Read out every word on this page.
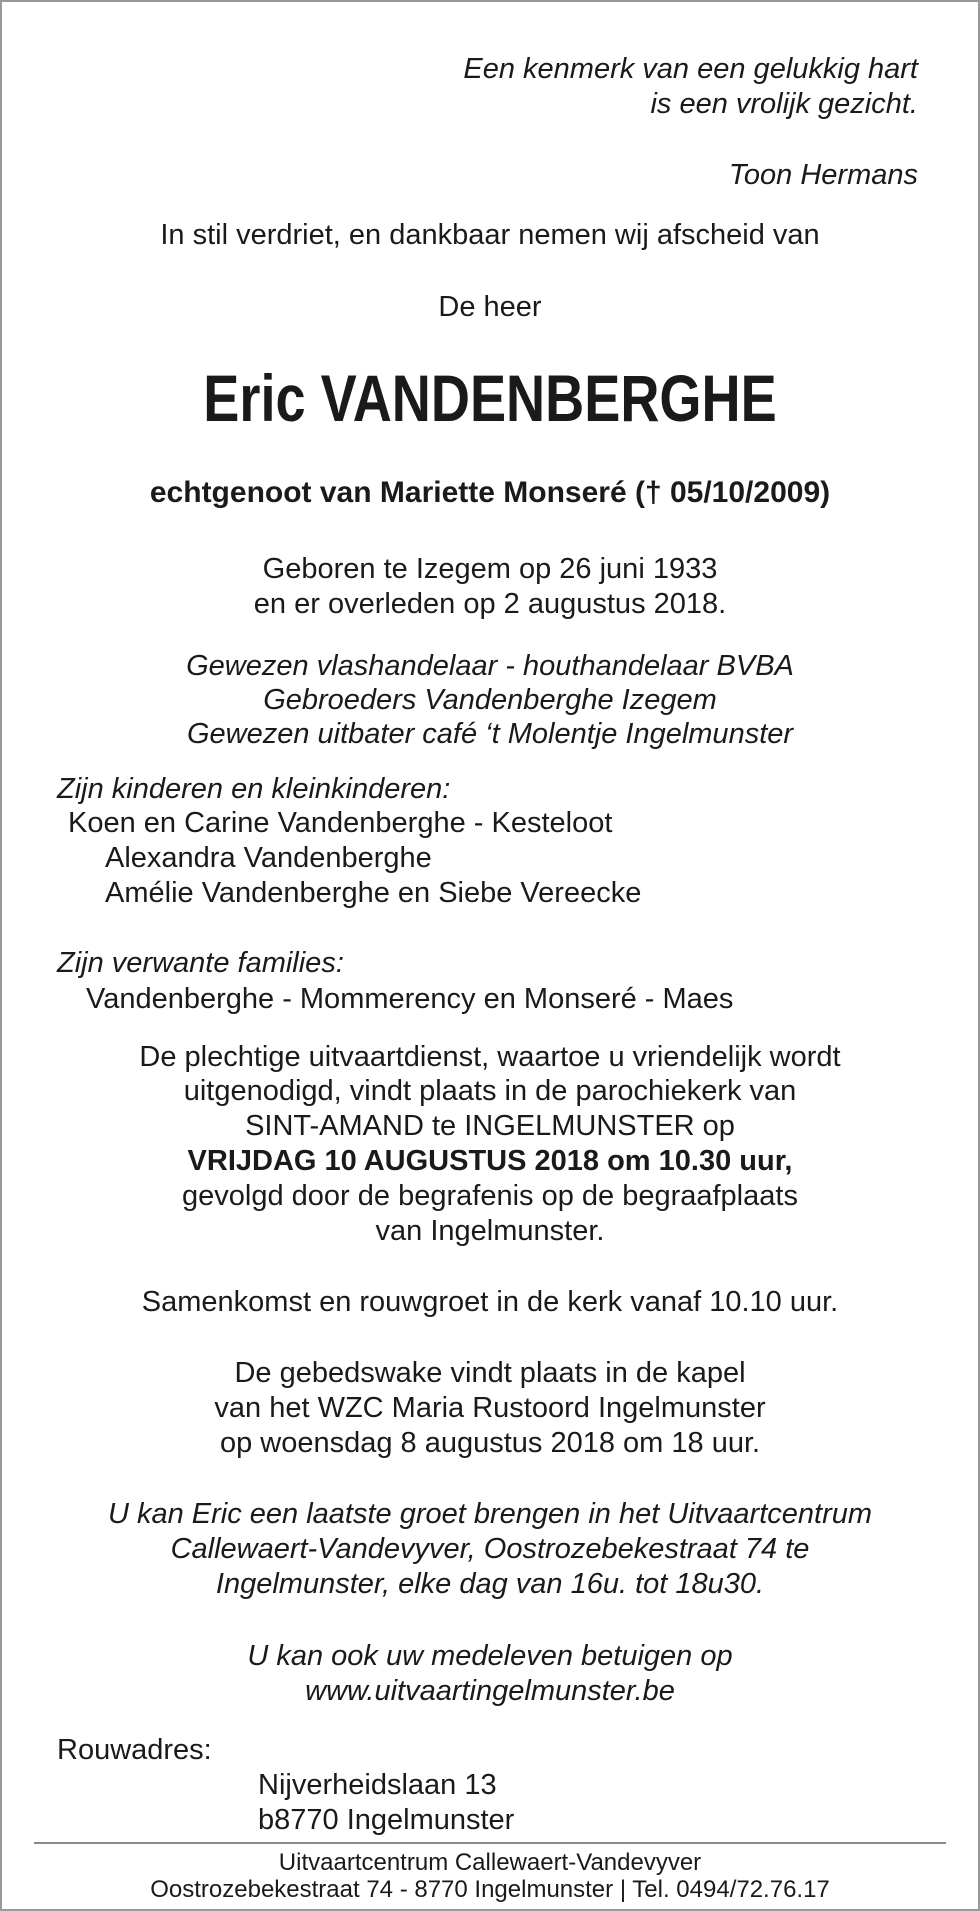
Een kenmerk van een gelukkig hart
is een vrolijk gezicht.
Toon Hermans
In stil verdriet, en dankbaar nemen wij afscheid van
De heer
Eric VANDENBERGHE
echtgenoot van Mariette Monseré († 05/10/2009)
Geboren te Izegem op 26 juni 1933
en er overleden op 2 augustus 2018.
Gewezen vlashandelaar - houthandelaar BVBA
Gebroeders Vandenberghe Izegem
Gewezen uitbater café ‘t Molentje Ingelmunster
Zijn kinderen en kleinkinderen:
Koen en Carine Vandenberghe - Kesteloot
Alexandra Vandenberghe
Amélie Vandenberghe en Siebe Vereecke
Zijn verwante families:
Vandenberghe - Mommerency en Monseré - Maes
De plechtige uitvaartdienst, waartoe u vriendelijk wordt
uitgenodigd, vindt plaats in de parochiekerk van
SINT-AMAND te INGELMUNSTER op
VRIJDAG 10 AUGUSTUS 2018 om 10.30 uur,
gevolgd door de begrafenis op de begraafplaats
van Ingelmunster.
Samenkomst en rouwgroet in de kerk vanaf 10.10 uur.
De gebedswake vindt plaats in de kapel
van het WZC Maria Rustoord Ingelmunster
op woensdag 8 augustus 2018 om 18 uur.
U kan Eric een laatste groet brengen in het Uitvaartcentrum
Callewaert-Vandevyver, Oostrozebekestraat 74 te
Ingelmunster, elke dag van 16u. tot 18u30.
U kan ook uw medeleven betuigen op
www.uitvaartingelmunster.be
Rouwadres:
Nijverheidslaan 13
b8770 Ingelmunster
Uitvaartcentrum Callewaert-Vandevyver
Oostrozebekestraat 74 - 8770 Ingelmunster | Tel. 0494/72.76.17
